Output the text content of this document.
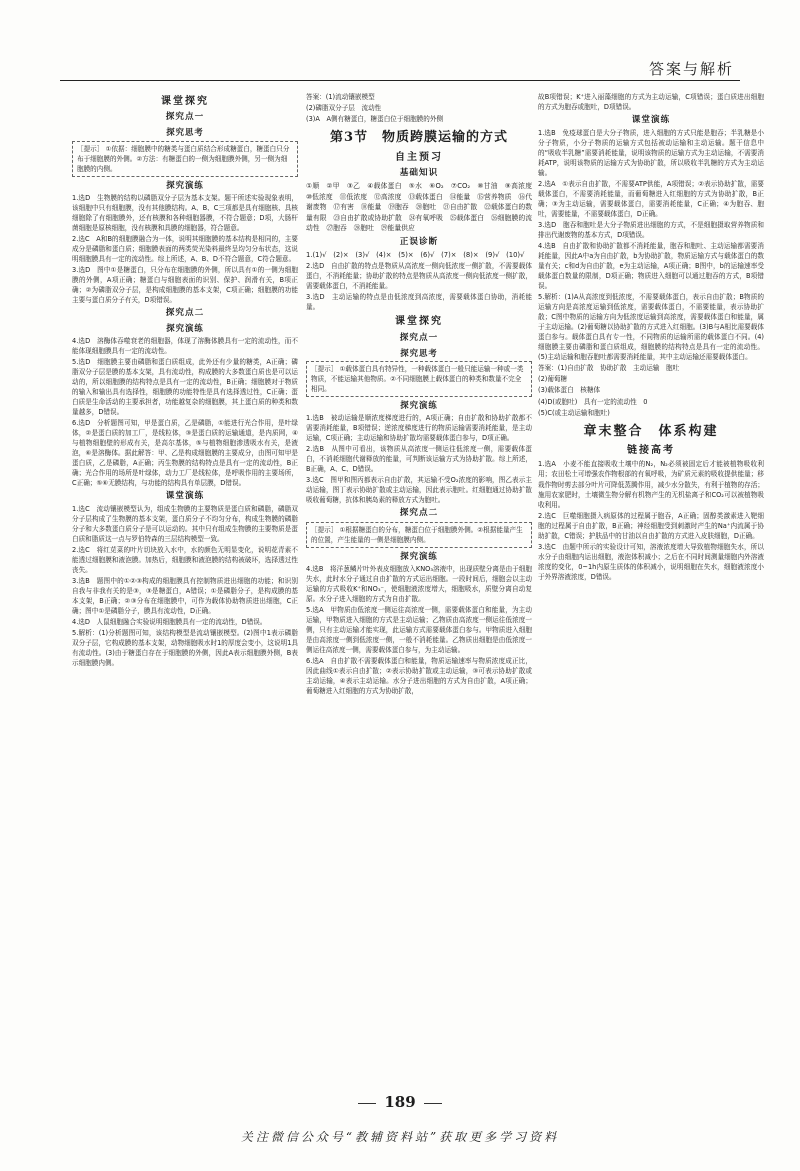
答案与解析
课堂探究
探究点一
探究思考
［提示］ ①依据：细胞膜中的糖类与蛋白质结合形成糖蛋白，糖蛋白只分布于细胞膜的外侧。②方法：有糖蛋白的一侧为细胞膜外侧，另一侧为细胞膜的内侧。
探究演练

1.选D　生物膜的结构以磷脂双分子层为基本支架。题干所述实验现象表明，该细胞中只有细胞膜，没有其他膜结构。A、B、C三项都是具有细胞核、具核细胞除了有细胞膜外，还有核膜和各种细胞器膜，不符合题意；D项，大肠杆菌细胞是原核细胞，没有核膜和具膜的细胞器，符合题意。

2.选C　A和B的细胞膜融合为一体，说明其细胞膜的基本结构是相同的，主要成分是磷脂和蛋白质；细胞膜表面的两类荧光染料最终呈均匀分布状态，这说明细胞膜具有一定的流动性。综上所述，A、B、D不符合题意，C符合题意。

3.选D　图中①是糖蛋白，只分布在细胞膜的外侧，所以具有①的一侧为细胞膜的外侧，A项正确；糖蛋白与细胞表面的识别、保护、润滑有关，B项正确；②为磷脂双分子层，是构成细胞膜的基本支架，C项正确；细胞膜的功能主要与蛋白质分子有关，D项错误。

探究点二
探究演练

4.选D　溶酶体吞噬衰老的细胞器，体现了溶酶体膜具有一定的流动性，而不能体现细胞膜具有一定的流动性。

5.选D　细胞膜主要由磷脂和蛋白质组成，此外还有少量的糖类，A正确；磷脂双分子层是膜的基本支架，具有流动性，构成膜的大多数蛋白质也是可以运动的，所以细胞膜的结构特点是具有一定的流动性，B正确；细胞膜对于物质的输入和输出具有选择性，细胞膜的功能特性是具有选择透过性，C正确；蛋白质是生命活动的主要承担者，功能越复杂的细胞膜，其上蛋白质的种类和数量越多，D错误。

6.选D　分析题图可知，甲是蛋白质，乙是磷脂，①能进行光合作用，是叶绿体，②是蛋白质的加工厂，是线粒体，③是蛋白质的运输通道，是内质网，④与植物细胞壁的形成有关，是高尔基体，⑤与植物细胞渗透吸水有关，是液泡，⑥是溶酶体。据此解答：甲、乙是构成细胞膜的主要成分，由图可知甲是蛋白质，乙是磷脂，A正确；丙生物膜的结构特点是具有一定的流动性，B正确；光合作用的场所是叶绿体，动力工厂是线粒体，是呼吸作用的主要场所，C正确；⑤⑥无膜结构，与功能的结构具有单层膜，D错误。

课堂演练

1.选C　流动镶嵌模型认为，组成生物膜的主要物质是蛋白质和磷脂，磷脂双分子层构成了生物膜的基本支架，蛋白质分子不均匀分布，构成生物膜的磷脂分子和大多数蛋白质分子是可以运动的。其中只有组成生物膜的主要物质是蛋白质和脂质这一点与罗伯特森的三层结构模型一致。

2.选C　将红苋菜的叶片切块放入水中，水的颜色无明显变化，说明花青素不能透过细胞膜和液泡膜。加热后，细胞膜和液泡膜的结构被破坏，选择透过性丧失。

3.选B　题图中的①②③构成的细胞膜具有控制物质进出细胞的功能；和识别自我与非我有关的是③，③是糖蛋白，A错误；①是磷脂分子，是构成膜的基本支架，B正确；②③分布在细胞膜中，可作为载体协助物质进出细胞，C正确；图中①是磷脂分子，膜具有流动性，D正确。

4.选D　人鼠细胞融合实验说明细胞膜具有一定的流动性，D错误。

5.解析：(1)分析题图可知，该结构模型是流动镶嵌模型。(2)图中1表示磷脂双分子层，它构成膜的基本支架，动物细胞吸水时1的厚度会变小，这说明1具有流动性。(3)由于糖蛋白存在于细胞膜的外侧，因此A表示细胞膜外侧，B表示细胞膜内侧。

答案：(1)流动镶嵌模型

(2)磷脂双分子层　流动性

(3)A　A侧有糖蛋白，糖蛋白位于细胞膜的外侧

第3节　物质跨膜运输的方式
自主预习
基础知识

①顺　②甲　③乙　④载体蛋白　⑤水　⑥O₂　⑦CO₂　⑧甘油　⑨高浓度　⑩低浓度　⑪低浓度　⑫高浓度　⑬载体蛋白　⑭能量　⑮营养物质　⑯代谢废物　⑰有害　⑱能量　⑲胞吞　⑳胞吐　㉑自由扩散　㉒载体蛋白的数量有限　㉓自由扩散或协助扩散　㉔有氧呼吸　㉕载体蛋白　㉖细胞膜的流动性　㉗胞吞　㉘胞吐　㉙能量供应

正误诊断

1.(1)√　(2)×　(3)√　(4)×　(5)×　(6)√　(7)×　(8)×　(9)√　(10)√

2.选D　自由扩散的特点是物质从高浓度一侧向低浓度一侧扩散，不需要载体蛋白，不消耗能量；协助扩散的特点是物质从高浓度一侧向低浓度一侧扩散，需要载体蛋白，不消耗能量。

3.选D　主动运输的特点是由低浓度到高浓度，需要载体蛋白协助，消耗能量。

课堂探究
探究点一
探究思考
［提示］ ①载体蛋白具有特异性，一种载体蛋白一般只能运输一种或一类物质，不能运输其他物质。②不同细胞膜上载体蛋白的种类和数量不完全相同。
探究演练

1.选B　被动运输是顺浓度梯度进行的，A项正确；自由扩散和协助扩散都不需要消耗能量，B项错误；逆浓度梯度进行的物质运输需要消耗能量，是主动运输，C项正确；主动运输和协助扩散均需要载体蛋白参与，D项正确。

2.选B　从图中可看出，该物质从高浓度一侧运往低浓度一侧，需要载体蛋白，不消耗细胞代谢释放的能量，可判断该运输方式为协助扩散。综上所述，B正确，A、C、D错误。

3.选C　图甲和图丙都表示自由扩散，其运输不受O₂浓度的影响，图乙表示主动运输，图丁表示协助扩散或主动运输，因此表示胞吐。红细胞通过协助扩散吸收葡萄糖，抗体和胰岛素的释放方式为胞吐。

探究点二
［提示］ ①根据糖蛋白的分布，糖蛋白位于细胞膜外侧。②根据能量产生的位置，产生能量的一侧是细胞膜内侧。
探究演练

4.选B　将洋葱鳞片叶外表皮细胞放入KNO₃溶液中，出现质壁分离是由于细胞失水，此时水分子通过自由扩散的方式运出细胞。一段时间后，细胞会以主动运输的方式吸收K⁺和NO₃⁻，使细胞液浓度增大，细胞吸水，质壁分离自动复原。水分子进入细胞的方式为自由扩散。

5.选A　甲物质由低浓度一侧运往高浓度一侧，需要载体蛋白和能量，为主动运输，甲物质进入细胞的方式是主动运输；乙物质由高浓度一侧运往低浓度一侧，只有主动运输才能实现，此运输方式需要载体蛋白参与。甲物质进入细胞是由高浓度一侧到低浓度一侧，一般不消耗能量。乙物质出细胞是由低浓度一侧运往高浓度一侧，需要载体蛋白参与，为主动运输。

6.选A　自由扩散不需要载体蛋白和能量，物质运输速率与物质浓度成正比，因此曲线①表示自由扩散；②表示协助扩散或主动运输，③可表示协助扩散或主动运输，④表示主动运输。水分子进出细胞的方式为自由扩散，A项正确；葡萄糖进入红细胞的方式为协助扩散，

故B项错误；K⁺进入丽藻细胞的方式为主动运输，C项错误；蛋白质进出细胞的方式为胞吞或胞吐，D项错误。

课堂演练

1.选B　免疫球蛋白是大分子物质，进入细胞的方式只能是胞吞；半乳糖是小分子物质，小分子物质的运输方式包括被动运输和主动运输。题干信息中的“吸收半乳糖”需要消耗能量，说明该物质的运输方式为主动运输，不需要消耗ATP，说明该物质的运输方式为协助扩散，所以吸收半乳糖的方式为主动运输。

2.选A　①表示自由扩散，不需要ATP供能，A项错误；②表示协助扩散，需要载体蛋白，不需要消耗能量，而葡萄糖进入红细胞的方式为协助扩散，B正确；③为主动运输，需要载体蛋白，需要消耗能量，C正确；④为胞吞、胞吐，需要能量，不需要载体蛋白，D正确。

3.选D　胞吞和胞吐是大分子物质进出细胞的方式，不是细胞摄取营养物质和排出代谢废物的基本方式，D项错误。

4.选B　自由扩散和协助扩散都不消耗能量，胞吞和胞吐、主动运输都需要消耗能量，因此A中a为自由扩散，b为协助扩散，物质运输方式与载体蛋白的数量有关；c和d为自由扩散，e为主动运输，A项正确；B图中，b的运输速率受载体蛋白数量的限制，D项正确；物质进入细胞可以通过胞吞的方式，B项错误。

5.解析：(1)A从高浓度到低浓度，不需要载体蛋白，表示自由扩散；B物质的运输方向是高浓度运输到低浓度，需要载体蛋白，不需要能量，表示协助扩散；C图中物质的运输方向为低浓度运输到高浓度，需要载体蛋白和能量，属于主动运输。(2)葡萄糖以协助扩散的方式进入红细胞。(3)B与A相比需要载体蛋白参与。载体蛋白具有专一性，不同物质的运输所需的载体蛋白不同。(4)细胞膜主要由磷脂和蛋白质组成，细胞膜的结构特点是具有一定的流动性。(5)主动运输和胞吞胞吐都需要消耗能量，其中主动运输还需要载体蛋白。

答案：(1)自由扩散　协助扩散　主动运输　胞吐

(2)葡萄糖

(3)载体蛋白　核糖体

(4)D(或胞吐)　具有一定的流动性　0

(5)C(或主动运输和胞吐)

章末整合　体系构建
链接高考

1.选A　小麦不能直接吸收土壤中的N₂，N₂必须被固定后才能被植物吸收利用；农田松土可增强农作物根部的有氧呼吸，为矿质元素的吸收提供能量；移栽作物时剪去部分叶片可降低蒸腾作用，减少水分散失，有利于植物的存活；施用农家肥时，土壤微生物分解有机物产生的无机盐离子和CO₂可以被植物吸收利用。

2.选C　巨噬细胞摄入病原体的过程属于胞吞，A正确；固醇类激素进入靶细胞的过程属于自由扩散，B正确；神经细胞受到刺激时产生的Na⁺内流属于协助扩散，C错误；护肤品中的甘油以自由扩散的方式进入皮肤细胞，D正确。

3.选C　由题中所示的实验设计可知，溶液浓度增大导致植物细胞失水，所以水分子由细胞内运出细胞，液泡体积减小；之后在不同时间测量细胞内外溶液浓度的变化，0~1h内原生质体的体积减小，说明细胞在失水，细胞液浓度小于外界溶液浓度，D错误。

189
关注微信公众号“教辅资料站”获取更多学习资料
